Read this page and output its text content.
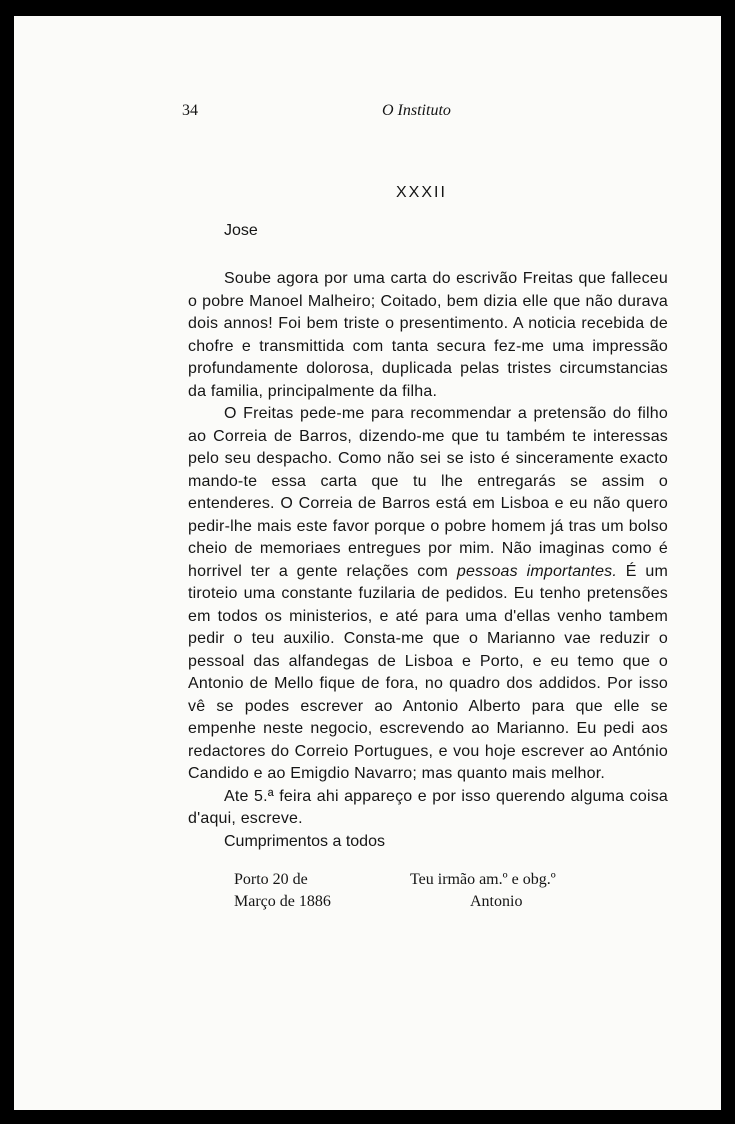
34	O Instituto
XXXII
Jose

Soube agora por uma carta do escrivão Freitas que falleceu o pobre Manoel Malheiro; Coitado, bem dizia elle que não durava dois annos! Foi bem triste o presentimento. A noticia recebida de chofre e transmittida com tanta secura fez-me uma impressão profundamente dolorosa, duplicada pelas tristes circumstancias da familia, principalmente da filha.

O Freitas pede-me para recommendar a pretensão do filho ao Correia de Barros, dizendo-me que tu também te interessas pelo seu despacho. Como não sei se isto é sinceramente exacto mando-te essa carta que tu lhe entregarás se assim o entenderes. O Correia de Barros está em Lisboa e eu não quero pedir-lhe mais este favor porque o pobre homem já tras um bolso cheio de memoriaes entregues por mim. Não imaginas como é horrivel ter a gente relações com pessoas importantes. É um tiroteio uma constante fuzilaria de pedidos. Eu tenho pretensões em todos os ministerios, e até para uma d'ellas venho tambem pedir o teu auxilio. Consta-me que o Marianno vae reduzir o pessoal das alfandegas de Lisboa e Porto, e eu temo que o Antonio de Mello fique de fora, no quadro dos addidos. Por isso vê se podes escrever ao Antonio Alberto para que elle se empenhe neste negocio, escrevendo ao Marianno. Eu pedi aos redactores do Correio Portugues, e vou hoje escrever ao António Candido e ao Emigdio Navarro; mas quanto mais melhor.

Ate 5.ª feira ahi appareço e por isso querendo alguma coisa d'aqui, escreve.

Cumprimentos a todos
Porto 20 de
Março de 1886
Teu irmão am.º e obg.º
Antonio
